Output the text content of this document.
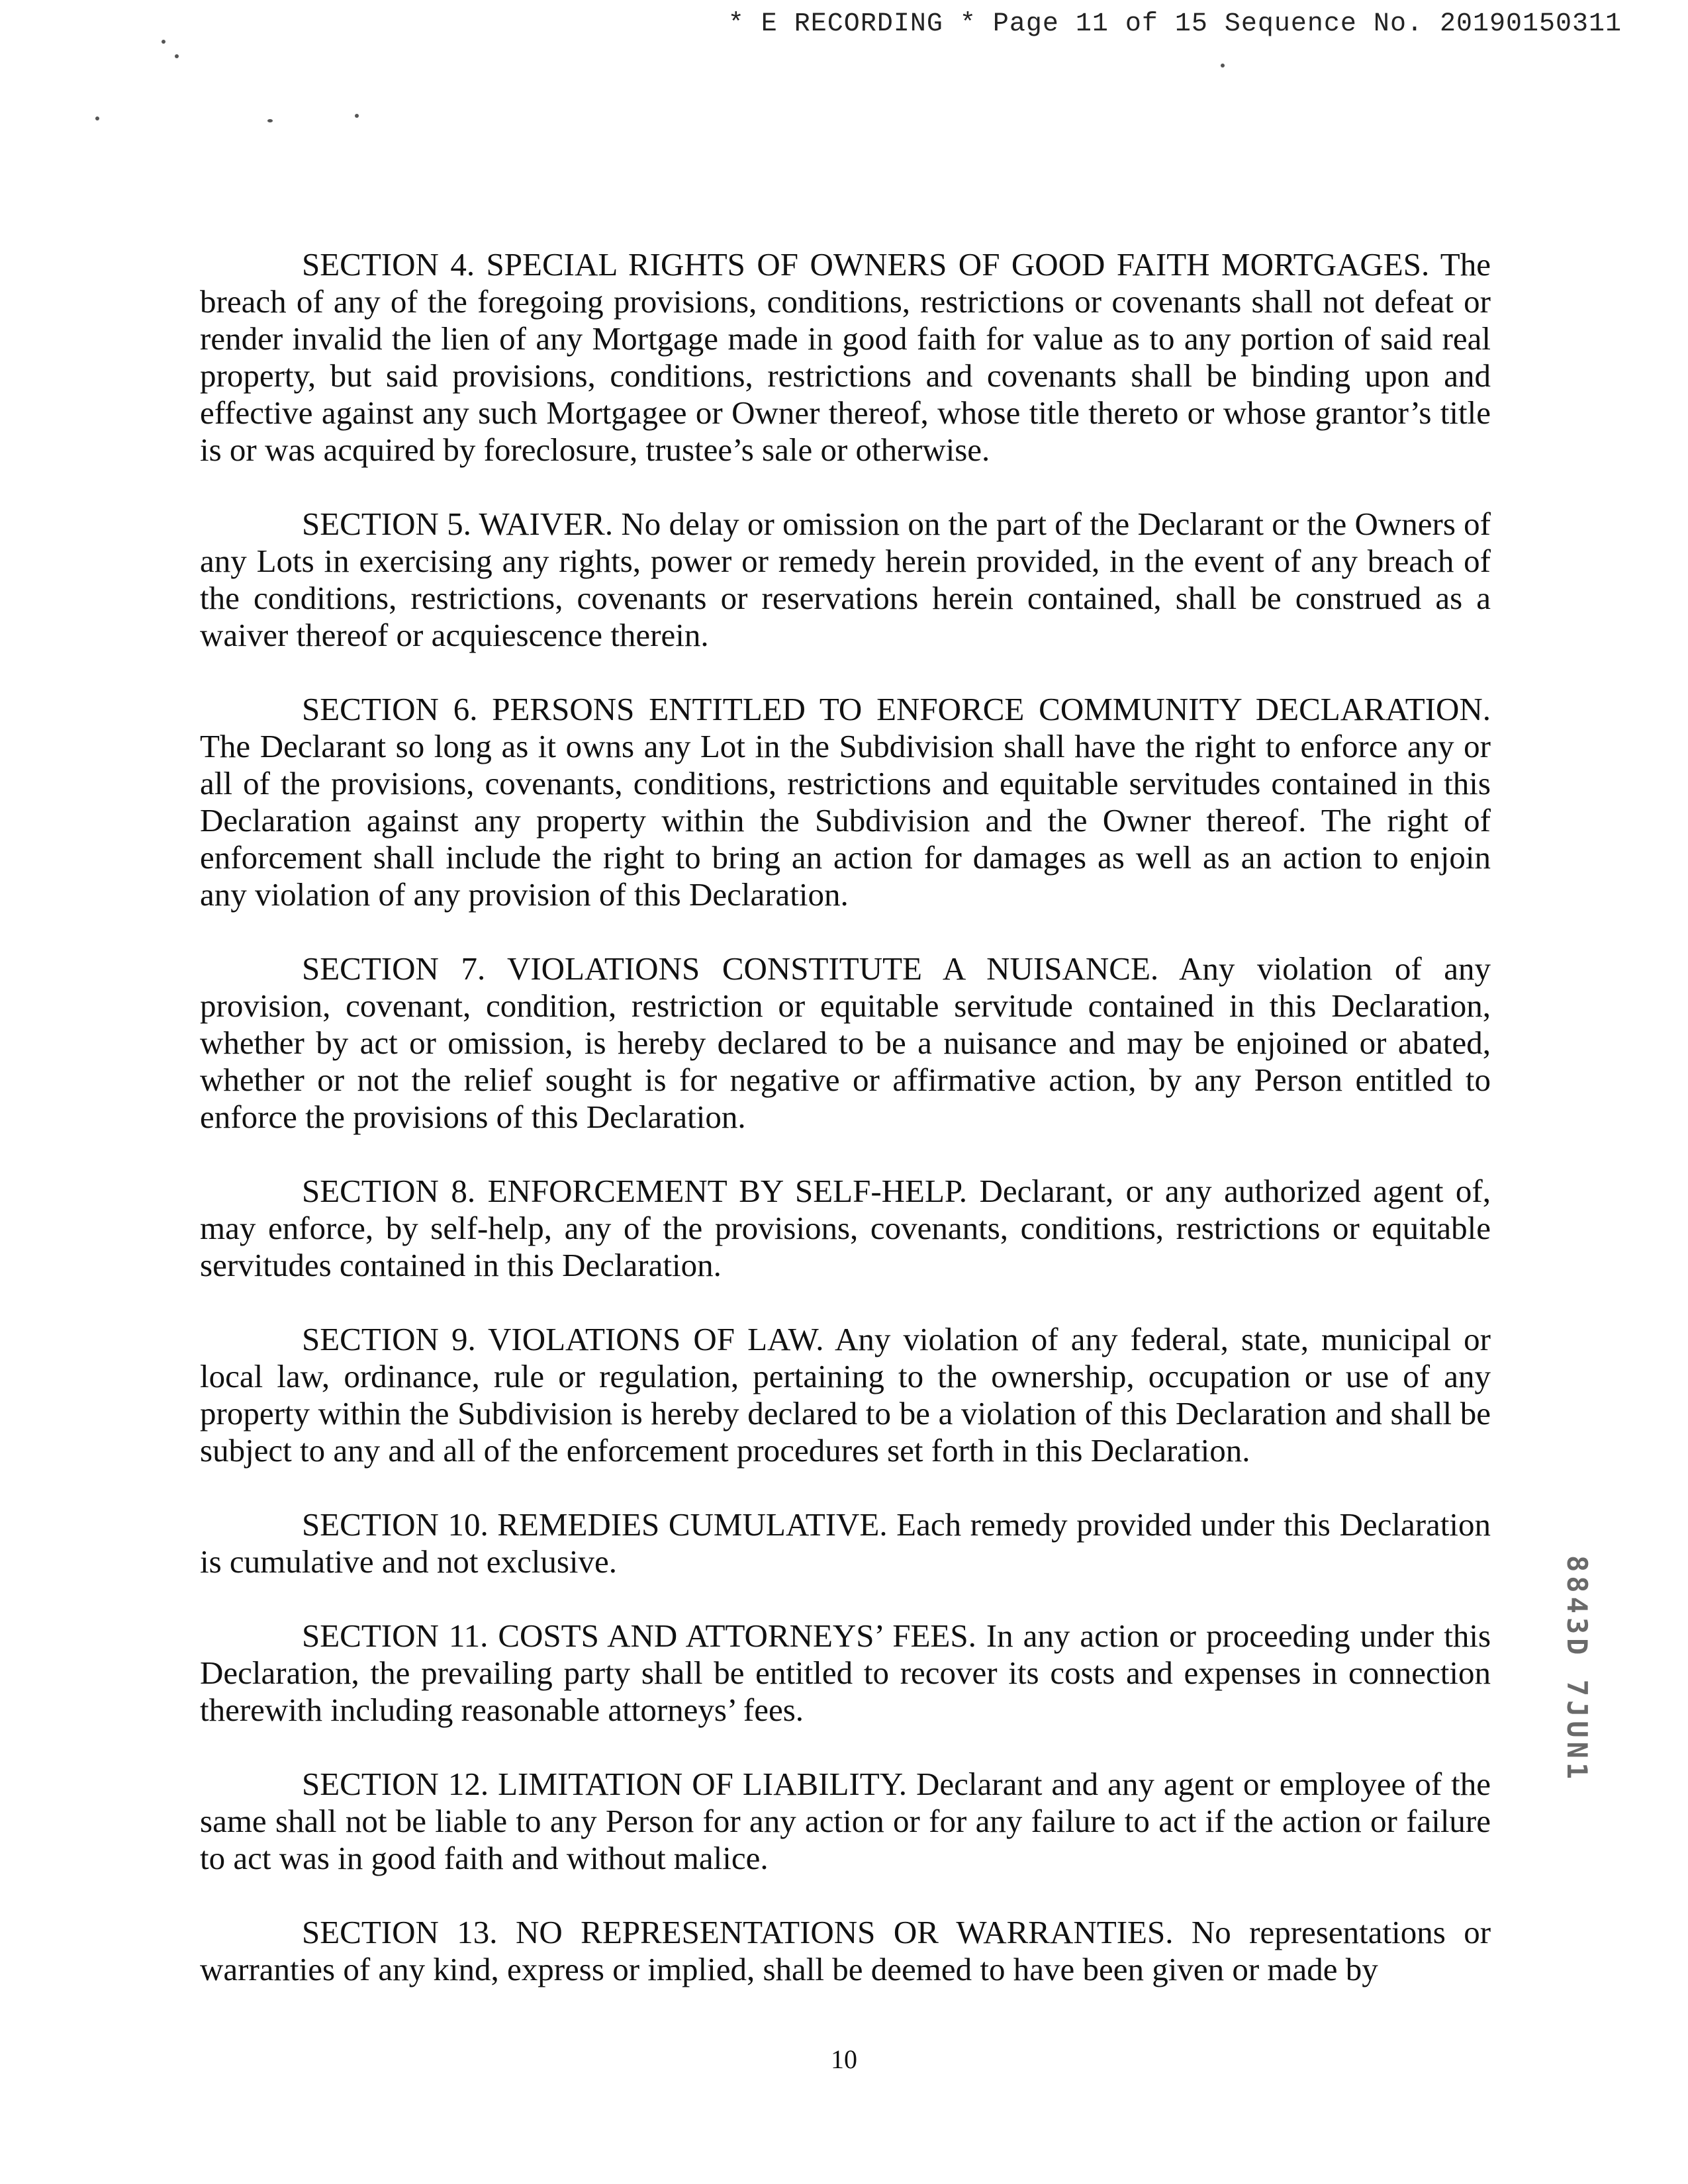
* E RECORDING * Page 11 of 15 Sequence No. 20190150311

SECTION 4. SPECIAL RIGHTS OF OWNERS OF GOOD FAITH MORTGAGES. The breach of any of the foregoing provisions, conditions, restrictions or covenants shall not defeat or render invalid the lien of any Mortgage made in good faith for value as to any portion of said real property, but said provisions, conditions, restrictions and covenants shall be binding upon and effective against any such Mortgagee or Owner thereof, whose title thereto or whose grantor’s title is or was acquired by foreclosure, trustee’s sale or otherwise.

SECTION 5. WAIVER. No delay or omission on the part of the Declarant or the Owners of any Lots in exercising any rights, power or remedy herein provided, in the event of any breach of the conditions, restrictions, covenants or reservations herein contained, shall be construed as a waiver thereof or acquiescence therein.

SECTION 6. PERSONS ENTITLED TO ENFORCE COMMUNITY DECLARATION. The Declarant so long as it owns any Lot in the Subdivision shall have the right to enforce any or all of the provisions, covenants, conditions, restrictions and equitable servitudes contained in this Declaration against any property within the Subdivision and the Owner thereof. The right of enforcement shall include the right to bring an action for damages as well as an action to enjoin any violation of any provision of this Declaration.

SECTION 7. VIOLATIONS CONSTITUTE A NUISANCE. Any violation of any provision, covenant, condition, restriction or equitable servitude contained in this Declaration, whether by act or omission, is hereby declared to be a nuisance and may be enjoined or abated, whether or not the relief sought is for negative or affirmative action, by any Person entitled to enforce the provisions of this Declaration.

SECTION 8. ENFORCEMENT BY SELF-HELP. Declarant, or any authorized agent of, may enforce, by self-help, any of the provisions, covenants, conditions, restrictions or equitable servitudes contained in this Declaration.

SECTION 9. VIOLATIONS OF LAW. Any violation of any federal, state, municipal or local law, ordinance, rule or regulation, pertaining to the ownership, occupation or use of any property within the Subdivision is hereby declared to be a violation of this Declaration and shall be subject to any and all of the enforcement procedures set forth in this Declaration.

SECTION 10. REMEDIES CUMULATIVE. Each remedy provided under this Declaration is cumulative and not exclusive.

SECTION 11. COSTS AND ATTORNEYS’ FEES. In any action or proceeding under this Declaration, the prevailing party shall be entitled to recover its costs and expenses in connection therewith including reasonable attorneys’ fees.

SECTION 12. LIMITATION OF LIABILITY. Declarant and any agent or employee of the same shall not be liable to any Person for any action or for any failure to act if the action or failure to act was in good faith and without malice.

SECTION 13. NO REPRESENTATIONS OR WARRANTIES. No representations or warranties of any kind, express or implied, shall be deemed to have been given or made by

8843D 7JUN1
10
